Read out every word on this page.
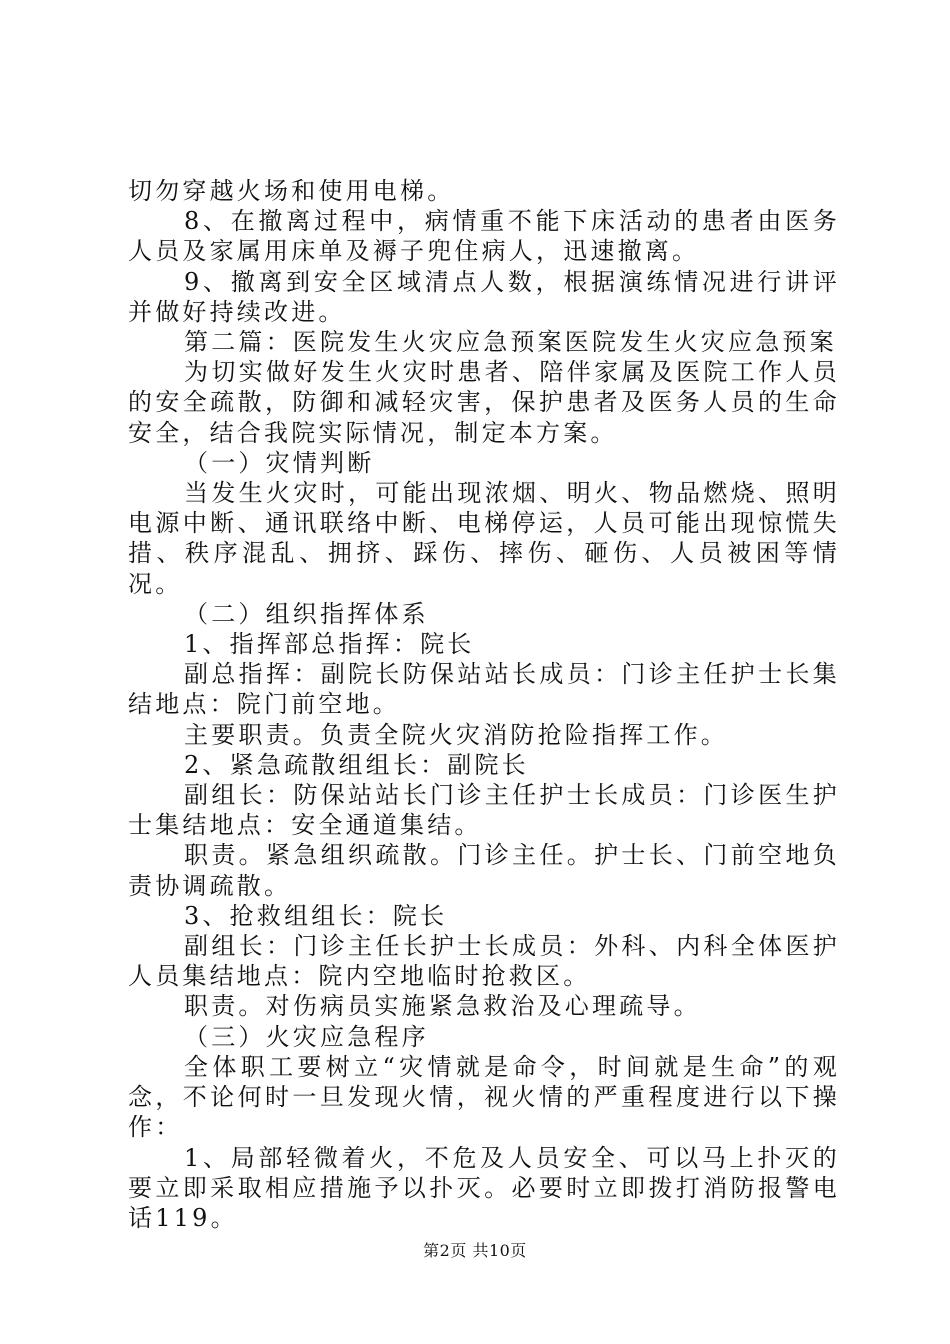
切勿穿越火场和使用电梯。

8、在撤离过程中，病情重不能下床活动的患者由医务人员及家属用床单及褥子兜住病人，迅速撤离。

9、撤离到安全区域清点人数，根据演练情况进行讲评并做好持续改进。

第二篇：医院发生火灾应急预案医院发生火灾应急预案

为切实做好发生火灾时患者、陪伴家属及医院工作人员的安全疏散，防御和减轻灾害，保护患者及医务人员的生命安全，结合我院实际情况，制定本方案。

（一）灾情判断

当发生火灾时，可能出现浓烟、明火、物品燃烧、照明电源中断、通讯联络中断、电梯停运，人员可能出现惊慌失措、秩序混乱、拥挤、踩伤、摔伤、砸伤、人员被困等情况。

（二）组织指挥体系

1、指挥部总指挥：院长

副总指挥：副院长防保站站长成员：门诊主任护士长集结地点：院门前空地。

主要职责。负责全院火灾消防抢险指挥工作。

2、紧急疏散组组长：副院长

副组长：防保站站长门诊主任护士长成员：门诊医生护士集结地点：安全通道集结。

职责。紧急组织疏散。门诊主任。护士长、门前空地负责协调疏散。

3、抢救组组长：院长

副组长：门诊主任长护士长成员：外科、内科全体医护人员集结地点：院内空地临时抢救区。

职责。对伤病员实施紧急救治及心理疏导。

（三）火灾应急程序

全体职工要树立“灾情就是命令，时间就是生命”的观念，不论何时一旦发现火情，视火情的严重程度进行以下操作：

1、局部轻微着火，不危及人员安全、可以马上扑灭的要立即采取相应措施予以扑灭。必要时立即拨打消防报警电话119。

第2页 共10页
